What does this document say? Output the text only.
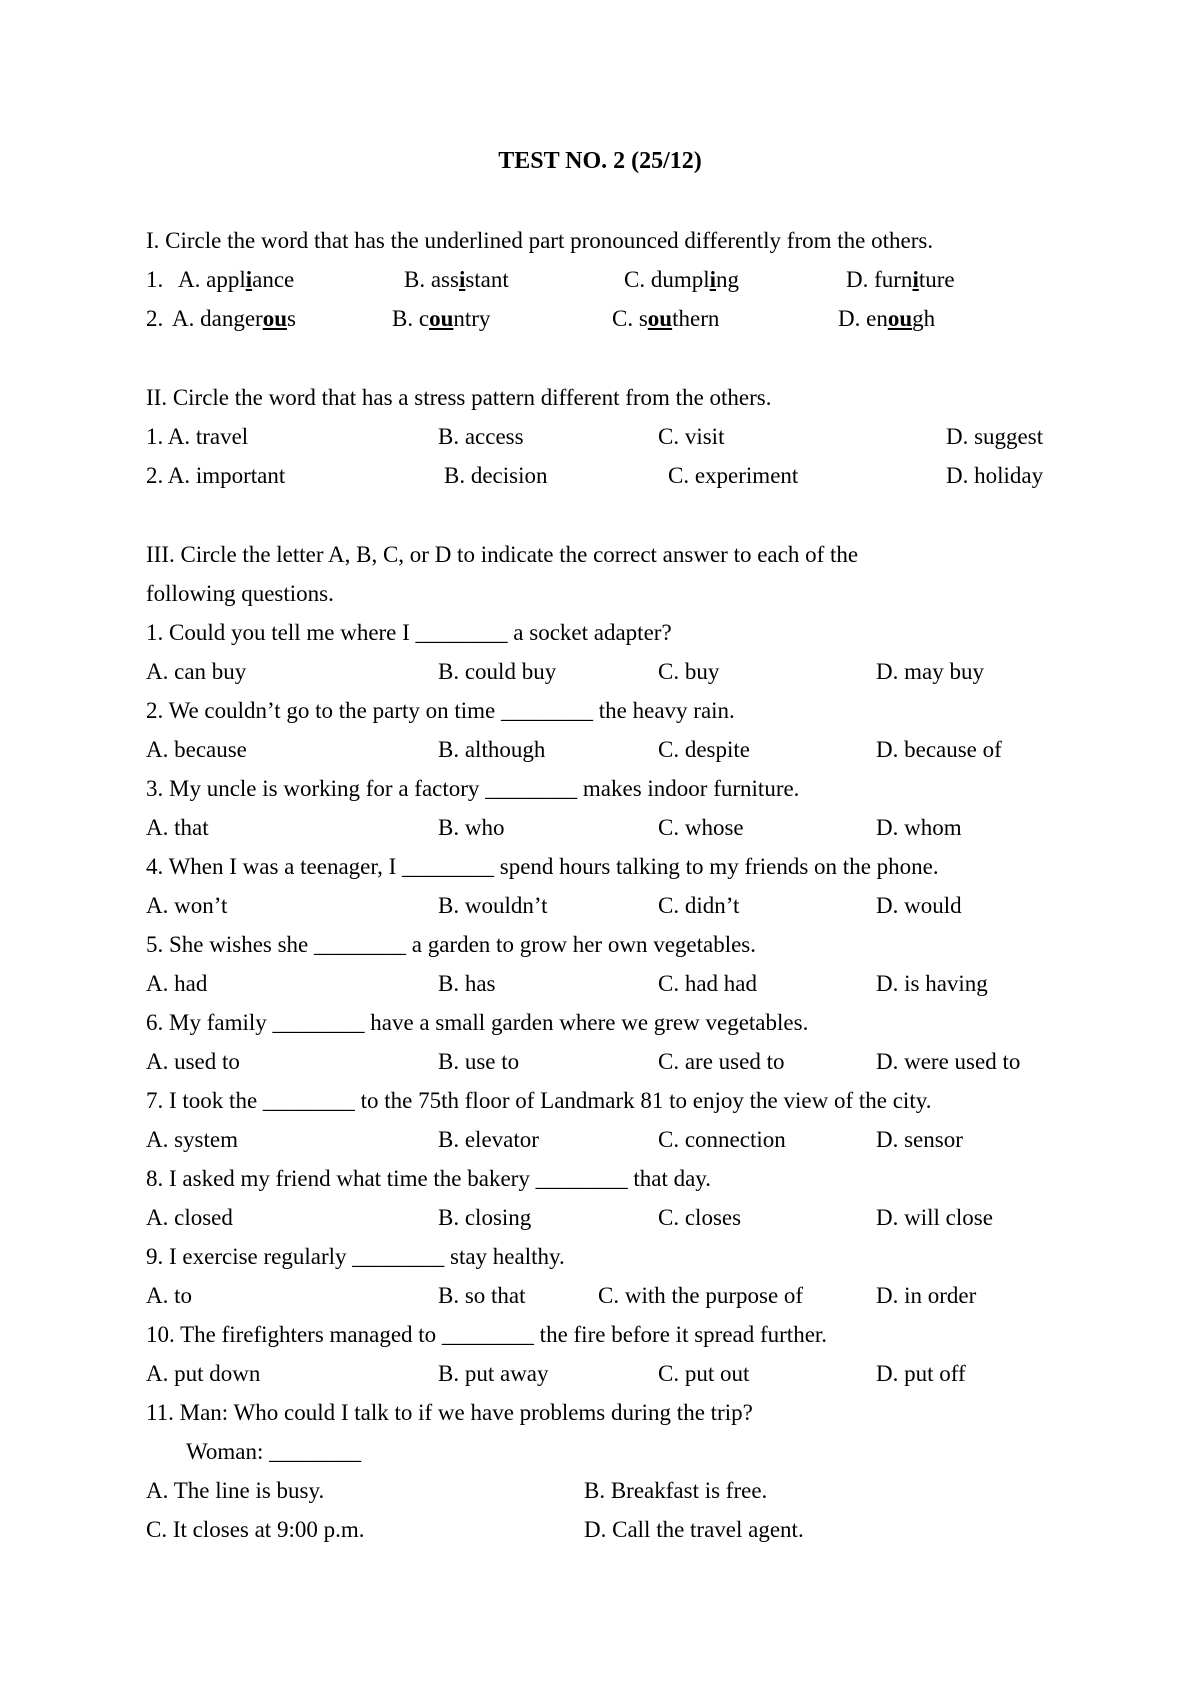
TEST NO. 2 (25/12)
I. Circle the word that has the underlined part pronounced differently from the others.
1. A. appliance	B. assistant	C. dumpling	D. furniture
2. A. dangerous	B. country	C. southern	D. enough
II. Circle the word that has a stress pattern different from the others.
1. A. travel	B. access	C. visit	D. suggest
2. A. important	B. decision	C. experiment	D. holiday
III. Circle the letter A, B, C, or D to indicate the correct answer to each of the
following questions.
1. Could you tell me where I ________ a socket adapter?
A. can buy	B. could buy	C. buy	D. may buy
2. We couldn’t go to the party on time ________ the heavy rain.
A. because	B. although	C. despite	D. because of
3. My uncle is working for a factory ________ makes indoor furniture.
A. that	B. who	C. whose	D. whom
4. When I was a teenager, I ________ spend hours talking to my friends on the phone.
A. won’t	B. wouldn’t	C. didn’t	D. would
5. She wishes she ________ a garden to grow her own vegetables.
A. had	B. has	C. had had	D. is having
6. My family ________ have a small garden where we grew vegetables.
A. used to	B. use to	C. are used to	D. were used to
7. I took the ________ to the 75th floor of Landmark 81 to enjoy the view of the city.
A. system	B. elevator	C. connection	D. sensor
8. I asked my friend what time the bakery ________ that day.
A. closed	B. closing	C. closes	D. will close
9. I exercise regularly ________ stay healthy.
A. to	B. so that	C. with the purpose of	D. in order
10. The firefighters managed to ________ the fire before it spread further.
A. put down	B. put away	C. put out	D. put off
11. Man: Who could I talk to if we have problems during the trip?
Woman: ________
A. The line is busy.	B. Breakfast is free.
C. It closes at 9:00 p.m.	D. Call the travel agent.
